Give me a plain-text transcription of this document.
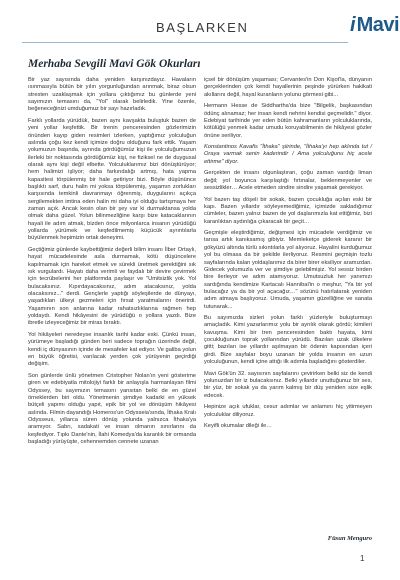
BAŞLARKEN	i Mavi
Merhaba Sevgili Mavi Gök Okurları

Bir yaz sayısında daha yeniden karşınızdayız. Havaların ısınmasıyla bütün bir yılın yorgunluğundan arınmak, biraz olsun stresten uzaklaşmak için yollara çıktığımız bu günlerde yeni sayımızın temasını da, "Yol" olarak belirledik. Yine özenle, beğeneceğinizi umduğumuz bir sayı hazırladık.

Farklı yollarda yürüdük, bazen aynı kavşakta buluştuk bazen de yeni yollar keşfettik. Bir trenin penceresinden gözlerimizin önünden kayıp giden resimleri izlerken, yaptığımız yolculuğun aslında çoğu kez kendi içimize doğru olduğunu fark ettik. Yaşam yolumuzun başında, ayrında gördüğümüz kişi ile yolculuğumuzun ilerleki bir noktasında gördüğümüz kişi, ne fiziksel ne de duygusal olarak aynı kişi değil elbette. Yolculuklarımız bizi dönüştürüyor; hem halimizi işliyor; daha farkındalığı artmış, hata yapma kapasitesi törpülenmiş bir hale getiriyor bizi. Böyle düşününce başlıktı sarf, duru halin mi yoksa törpülenmiş, yaşamın zorlukları karşısında temkinli davranmayı öğrenmiş, duygularını açıkça sergilemekten imtina eden halin mi daha iyi olduğu tartışmaya her zaman açık. Ancak kesin olan bir şey var ki durmaktansa yolda olmak daha güzel. Yolun bilinmezliğine karşı bize katacaklarının hayali ile adım atmak, bizden önce milyonlarca insanın yürüdüğü yollarda yürümek ve keşfedilmemiş küçücük ayrıntılarla büyülenmek hepimizin ortak deneyimi.

Geçtiğimiz günlerde kaybettiğimiz değerli bilim insanı İlber Ortaylı, hayat mücadelesinde asla durmamak, kötü düşüncelere kapılmamak için hareket etmek ve sürekli üretmek gerektiğini sık sık vurgulardı. Hayatı daha verimli ve faydalı bir devire çevirmek için tecrübelerini her platformda paylaşır ve "Umitsizlik yok. Yol bulacaksınız. Kıpırdayacaksınız, adım atacaksınız, yolda olacaksınız..." derdi. Gençlerle yaptığı söyleşilerde de dünyayı, yaşadıkları ülkeyi gezmeleri için fırsat yaratmalarını önerirdi. Yaşamının son anlarına kadar rahatsızlıklarına rağmen hep yoldaydı. Kendi hikâyesini de yürüdüğü o yollara yazdı. Bize ibretle izleyeceğimiz bir miras bıraktı.

Yol hikâyeleri neredeyse insanlık tarihi kadar eski. Çünkü insan, yürümeye başladığı günden beri sadece toprağın üzerinde değil, kendi iç dünyasının içinde de mesafeler kat ediyor. Ve galiba yolun en büyük öğretisi, varılacak yerden çok yürüyenin geçirdiği değişim.

Son günlerde ünlü yönetmen Cristopher Nolan'ın yeni gösterime giren ve edebiyatla mitolojiyi farklı bir anlayışla harmanlayan filmi Odyssey, bu sayımızın temasını yansıtan belki de en güzel örneklerden biri oldu. Yönetmenin şimdiye kadarki en yüksek bütçeli yapımı olduğu yapıt, epik bir yol ve dönüşüm hikâyesi aslında. Filmin dayandığı Homeros'un Odysseia'sında, İthaka Kralı Odysseus, yıllarca süren dönüş yolunda yalnızca İthaka'ya aramıyor. Sabrı, sadakati ve insan olmanın sınırlarını da keşfediyor. Tıpkı Dante'nin, İlahi Komedya'da karanlık bir ormanda başladığı yürüyüşte, cehennemden cennete uzanan

içsel bir dönüşüm yaşaması; Cervantes'in Don Kişot'la, dünyanın gerçeklerinden çok kendi hayallerinin peşinde yürürken hakikati akıllarını değil, hayal kuranların yolunu görmesi gibi...

Hermann Hesse de Siddhartha'da bize "Bilgelik, başkasından ödünç alınamaz; her insan kendi nehrini kendisi geçmelidir." diyor. Edebiyat tarihinde yer eden bütün kahramanların yolculuklarında, kötülüğü yenmek kadar umudu koruyabilmenin de hikâyesi gözler önüne seriliyor.

Konstantinos Kavafis "İthaka" şiirinde, "İthaka'yı hep aklında tut / Oraya varmak senin kaderindir / Ama yolculuğunu hiç acele ettirme" diyor.

Gerçekten de insanı olgunlaştıran, çoğu zaman vardığı liman değil; yol boyunca karşılaştığı fırtınalar, beklenmeyenler ve sessizlikler… Acele etmeden sindire sindire yaşamak gerekiyor.

Yol bazen taş döşeli bir sokak, bazen çocukluğa açılan eski bir kapı. Bazen yıllardır söyleyemediğimiz, içimizde sakladığımız cümleler, bazen yalnız bazen de yol daşlarımızla kat ettiğimiz, bizi karanlıktan aydınlığa çıkaracak bir geçit…

Geçmişle eleştirdiğimiz, değişmesi için mücadele verdiğimiz ve tarısa artık kanıksamış gibiyiz. Memleketçe giderek karanır bir gökyüzü altında türlü sıkıntılarla yol alıyoruz. Hayalini kurduğumuz yol bu olmasa da bir şekilde ilerliyoruz. Resmini geçmişin tozlu sayfalarında kalan yoldaşlarımız da birer birer eksiliyor aramızdan. Gidecek yolumuzla ver ve şimdiye gelebilmişiz. Yol sessiz birden bire ilerleyor ve adım atamıyoruz. Umutsuzluk her yanımızı sardığında kendimize Kartacalı Hannibal'in o meşhur, "Ya bir yol bulacağız ya da bir yol açacağız…" sözünü hatırlatarak yeniden adım atmaya başlıyoruz. Umuda, yaşamın güzelliğine ve sanata tutunarak...

Bu sayımızda sizleri yolun farklı yüzleriyle buluşturmayı amaçladık. Kimi yazarlarımız yolu bir ayrılık olarak gördü; kimileri kavuşma. Kimi bir tren penceresinden baktı hayata, kimi çocukluğunun toprak yollarından yürüdü. Bazıları uzak ülkelere gitti; bazıları ise yıllardır aşılmayan bir ödenin kapısından içeri girdi. Bize sayfalar boyu uzanan bir yolda insanın en uzun yolculuğunun, kendi içine attığı ilk adımla başladığını gösterdiler.

Mavi Gök'ün 32. sayısının sayfalarını çevirirken belki siz de kendi yolunuzdan bir iz bulacaksınız. Belki yıllardır unuttuğunuz bir ses, bir yüz, bir sokak ya da yarım kalmış bir düş yeniden size eşlik edecek.

Hepinize açık ufuklar, cesur adımlar ve anlamını hiç yitirmeyen yolculuklar diliyoruz.

Keyifli okumalar dileği ile…

Füsun Menguro
1
